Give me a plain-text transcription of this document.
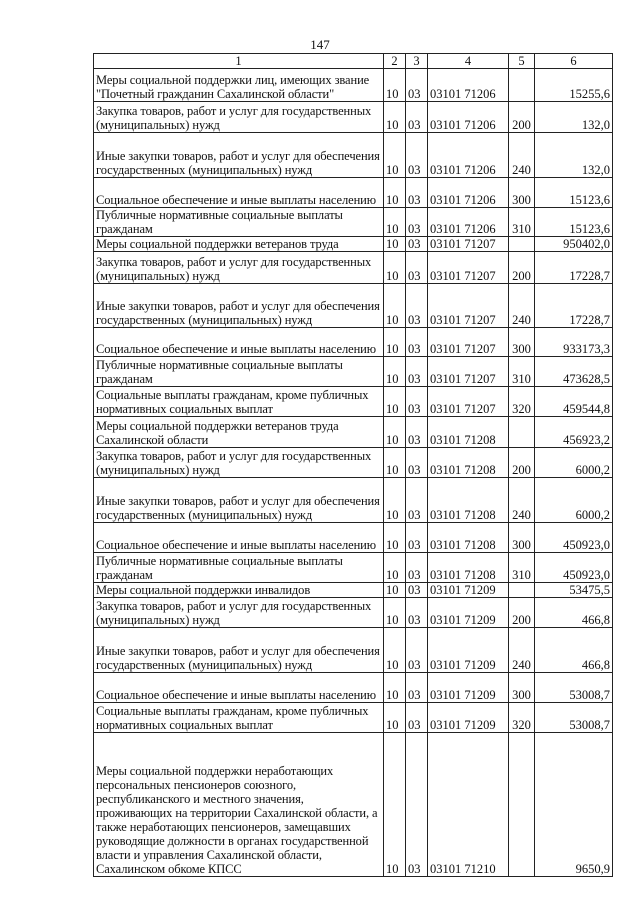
147
1	2	3	4	5	6
Меры социальной поддержки лиц, имеющих звание "Почетный гражданин Сахалинской области"	10	03	03101 71206		15255,6
Закупка товаров, работ и услуг для государственных (муниципальных) нужд	10	03	03101 71206	200	132,0
Иные закупки товаров, работ и услуг для обеспечения государственных (муниципальных) нужд	10	03	03101 71206	240	132,0
Социальное обеспечение и иные выплаты населению	10	03	03101 71206	300	15123,6
Публичные нормативные социальные выплаты гражданам	10	03	03101 71206	310	15123,6
Меры социальной поддержки ветеранов труда	10	03	03101 71207		950402,0
Закупка товаров, работ и услуг для государственных (муниципальных) нужд	10	03	03101 71207	200	17228,7
Иные закупки товаров, работ и услуг для обеспечения государственных (муниципальных) нужд	10	03	03101 71207	240	17228,7
Социальное обеспечение и иные выплаты населению	10	03	03101 71207	300	933173,3
Публичные нормативные социальные выплаты гражданам	10	03	03101 71207	310	473628,5
Социальные выплаты гражданам, кроме публичных нормативных социальных выплат	10	03	03101 71207	320	459544,8
Меры социальной поддержки ветеранов труда Сахалинской области	10	03	03101 71208		456923,2
Закупка товаров, работ и услуг для государственных (муниципальных) нужд	10	03	03101 71208	200	6000,2
Иные закупки товаров, работ и услуг для обеспечения государственных (муниципальных) нужд	10	03	03101 71208	240	6000,2
Социальное обеспечение и иные выплаты населению	10	03	03101 71208	300	450923,0
Публичные нормативные социальные выплаты гражданам	10	03	03101 71208	310	450923,0
Меры социальной поддержки инвалидов	10	03	03101 71209		53475,5
Закупка товаров, работ и услуг для государственных (муниципальных) нужд	10	03	03101 71209	200	466,8
Иные закупки товаров, работ и услуг для обеспечения государственных (муниципальных) нужд	10	03	03101 71209	240	466,8
Социальное обеспечение и иные выплаты населению	10	03	03101 71209	300	53008,7
Социальные выплаты гражданам, кроме публичных нормативных социальных выплат	10	03	03101 71209	320	53008,7
Меры социальной поддержки неработающих персональных пенсионеров союзного, республиканского и местного значения, проживающих на территории Сахалинской области, а также неработающих пенсионеров, замещавших руководящие должности в органах государственной власти и управления Сахалинской области, Сахалинском обкоме КПСС	10	03	03101 71210		9650,9
